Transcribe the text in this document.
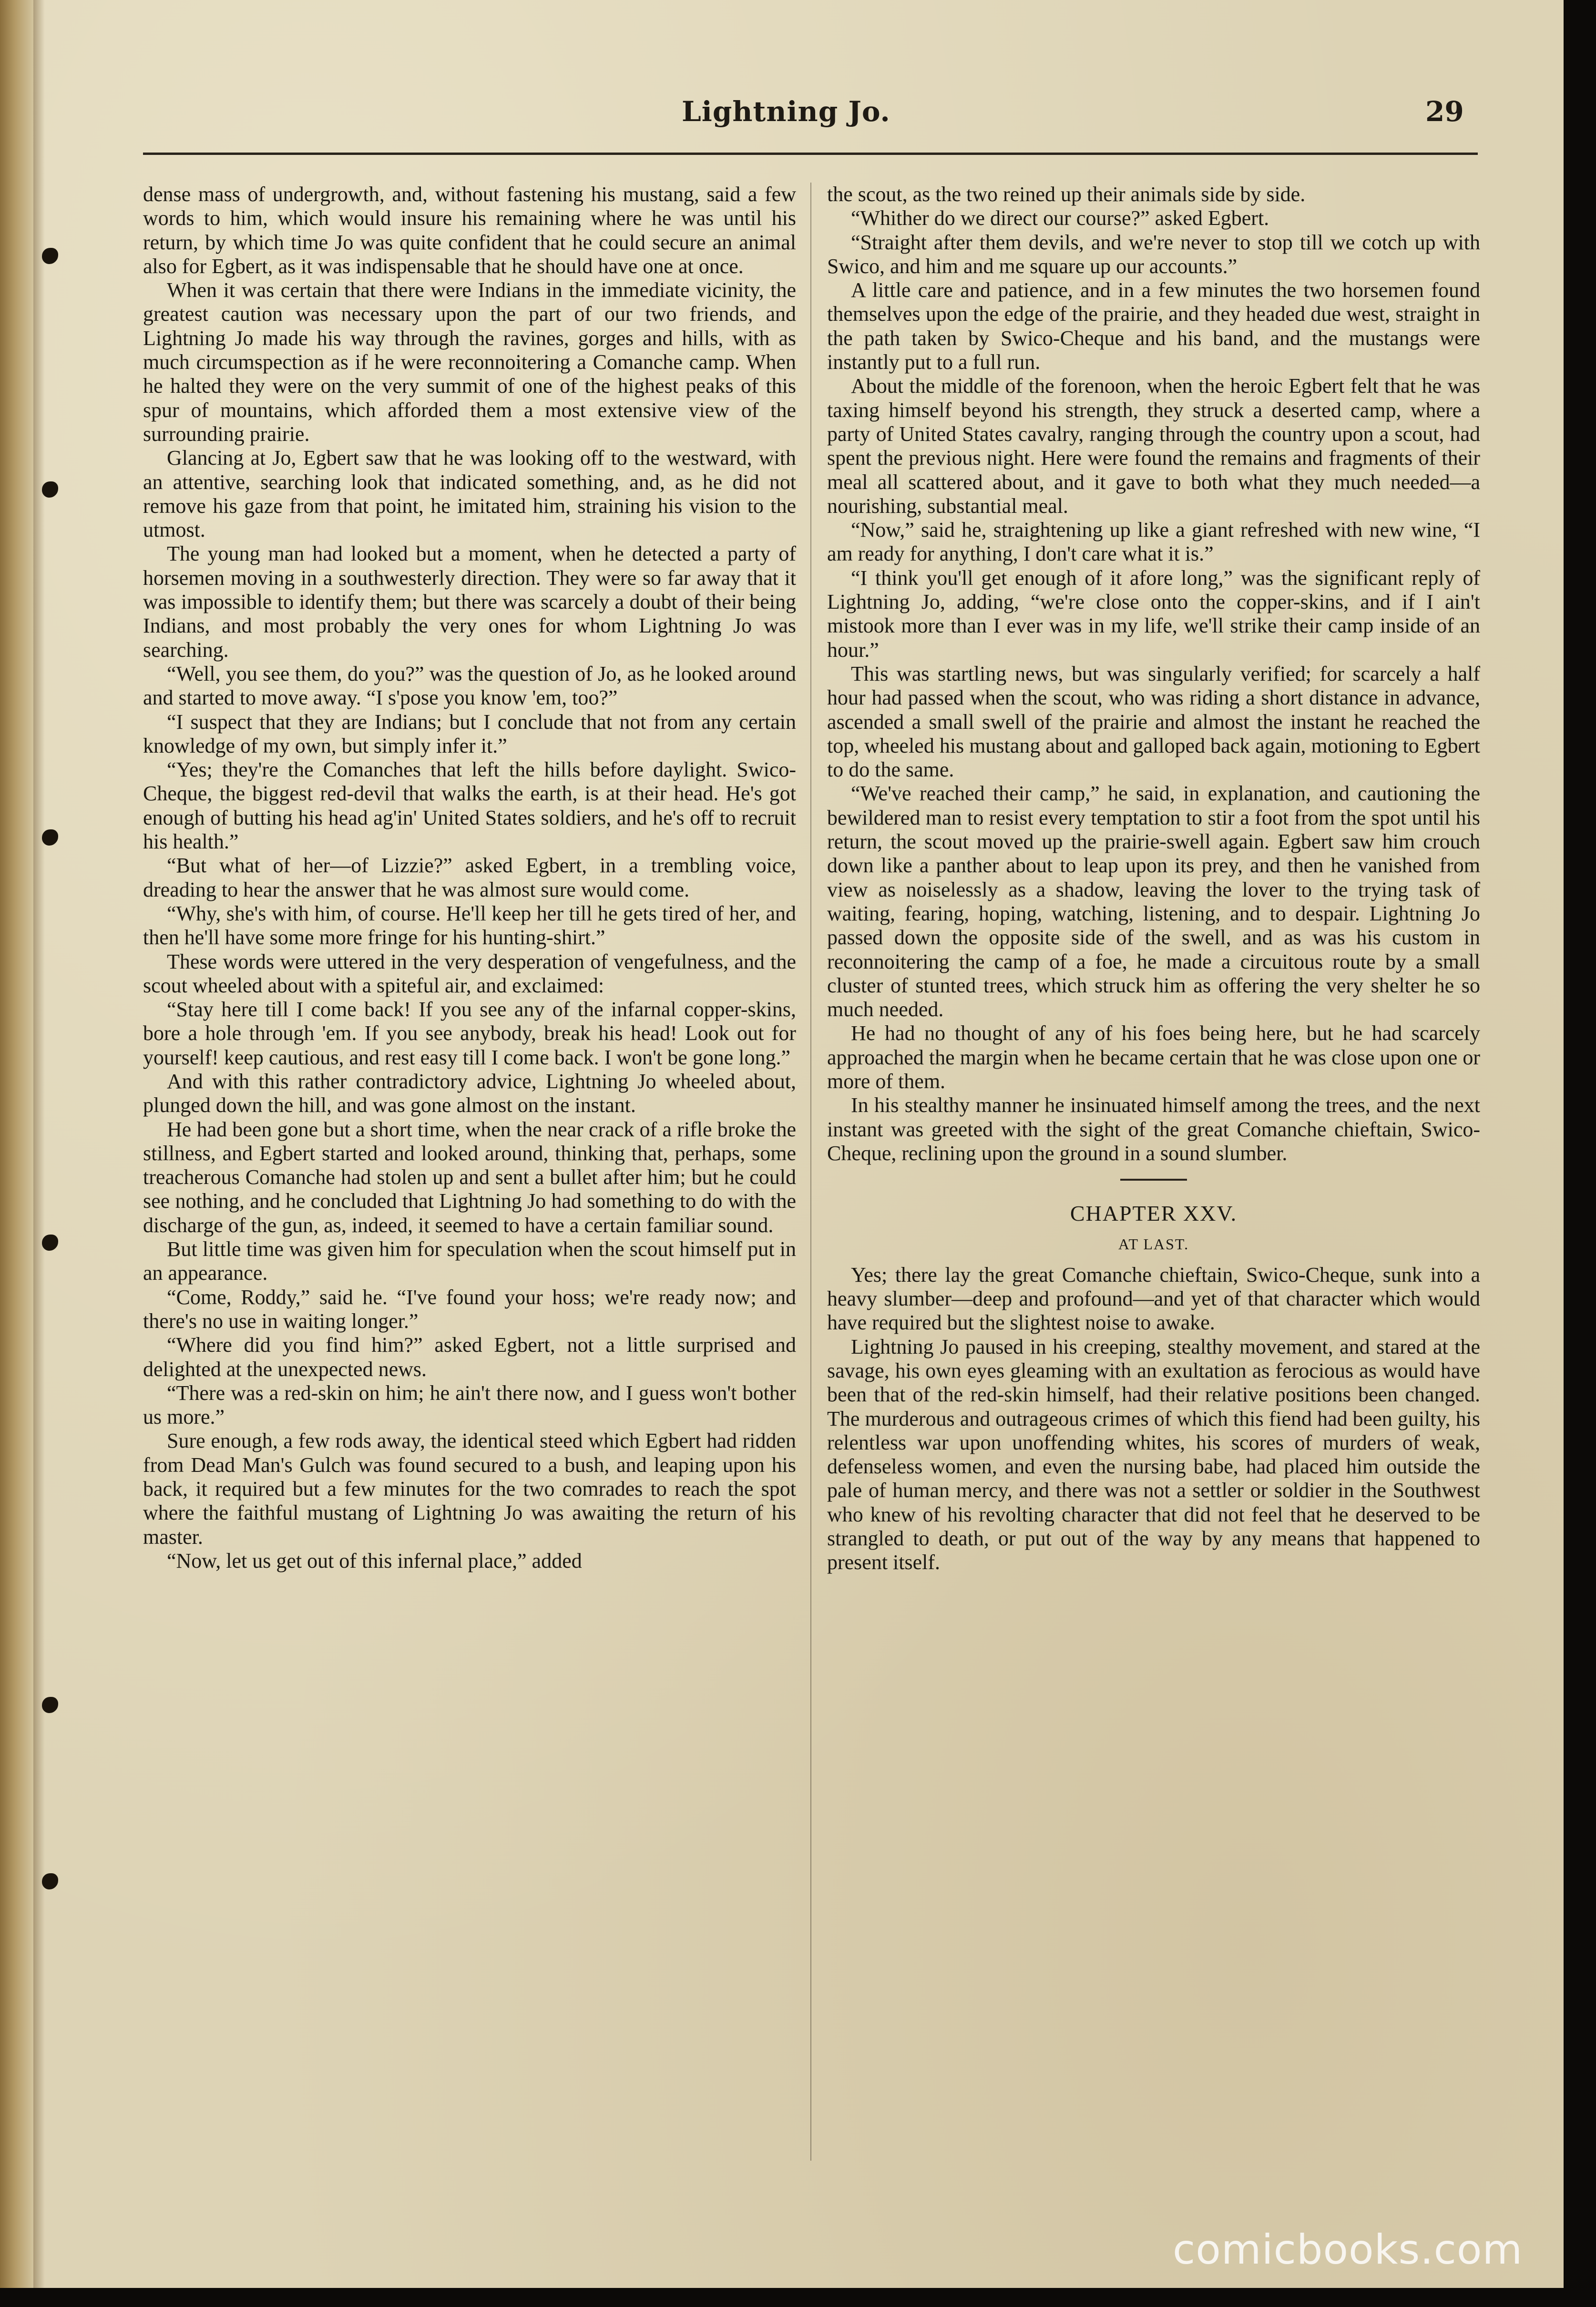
Lightning Jo.	29

dense mass of undergrowth, and, without fastening his mustang, said a few words to him, which would insure his remaining where he was until his return, by which time Jo was quite confident that he could secure an animal also for Egbert, as it was indispensable that he should have one at once.

When it was certain that there were Indians in the immediate vicinity, the greatest caution was necessary upon the part of our two friends, and Lightning Jo made his way through the ravines, gorges and hills, with as much circumspection as if he were reconnoitering a Comanche camp. When he halted they were on the very summit of one of the highest peaks of this spur of mountains, which afforded them a most extensive view of the surrounding prairie.

Glancing at Jo, Egbert saw that he was looking off to the westward, with an attentive, searching look that indicated something, and, as he did not remove his gaze from that point, he imitated him, straining his vision to the utmost.

The young man had looked but a moment, when he detected a party of horsemen moving in a southwesterly direction. They were so far away that it was impossible to identify them; but there was scarcely a doubt of their being Indians, and most probably the very ones for whom Lightning Jo was searching.

“Well, you see them, do you?” was the question of Jo, as he looked around and started to move away. “I s'pose you know 'em, too?”

“I suspect that they are Indians; but I conclude that not from any certain knowledge of my own, but simply infer it.”

“Yes; they're the Comanches that left the hills before daylight. Swico-Cheque, the biggest red-devil that walks the earth, is at their head. He's got enough of butting his head ag'in' United States soldiers, and he's off to recruit his health.”

“But what of her—of Lizzie?” asked Egbert, in a trembling voice, dreading to hear the answer that he was almost sure would come.

“Why, she's with him, of course. He'll keep her till he gets tired of her, and then he'll have some more fringe for his hunting-shirt.”

These words were uttered in the very desperation of vengefulness, and the scout wheeled about with a spiteful air, and exclaimed:

“Stay here till I come back! If you see any of the infarnal copper-skins, bore a hole through 'em. If you see anybody, break his head! Look out for yourself! keep cautious, and rest easy till I come back. I won't be gone long.”

And with this rather contradictory advice, Lightning Jo wheeled about, plunged down the hill, and was gone almost on the instant.

He had been gone but a short time, when the near crack of a rifle broke the stillness, and Egbert started and looked around, thinking that, perhaps, some treacherous Comanche had stolen up and sent a bullet after him; but he could see nothing, and he concluded that Lightning Jo had something to do with the discharge of the gun, as, indeed, it seemed to have a certain familiar sound.

But little time was given him for speculation when the scout himself put in an appearance.

“Come, Roddy,” said he. “I've found your hoss; we're ready now; and there's no use in waiting longer.”

“Where did you find him?” asked Egbert, not a little surprised and delighted at the unexpected news.

“There was a red-skin on him; he ain't there now, and I guess won't bother us more.”

Sure enough, a few rods away, the identical steed which Egbert had ridden from Dead Man's Gulch was found secured to a bush, and leaping upon his back, it required but a few minutes for the two comrades to reach the spot where the faithful mustang of Lightning Jo was awaiting the return of his master.

“Now, let us get out of this infernal place,” added

the scout, as the two reined up their animals side by side.

“Whither do we direct our course?” asked Egbert.

“Straight after them devils, and we're never to stop till we cotch up with Swico, and him and me square up our accounts.”

A little care and patience, and in a few minutes the two horsemen found themselves upon the edge of the prairie, and they headed due west, straight in the path taken by Swico-Cheque and his band, and the mustangs were instantly put to a full run.

About the middle of the forenoon, when the heroic Egbert felt that he was taxing himself beyond his strength, they struck a deserted camp, where a party of United States cavalry, ranging through the country upon a scout, had spent the previous night. Here were found the remains and fragments of their meal all scattered about, and it gave to both what they much needed—a nourishing, substantial meal.

“Now,” said he, straightening up like a giant refreshed with new wine, “I am ready for anything, I don't care what it is.”

“I think you'll get enough of it afore long,” was the significant reply of Lightning Jo, adding, “we're close onto the copper-skins, and if I ain't mistook more than I ever was in my life, we'll strike their camp inside of an hour.”

This was startling news, but was singularly verified; for scarcely a half hour had passed when the scout, who was riding a short distance in advance, ascended a small swell of the prairie and almost the instant he reached the top, wheeled his mustang about and galloped back again, motioning to Egbert to do the same.

“We've reached their camp,” he said, in explanation, and cautioning the bewildered man to resist every temptation to stir a foot from the spot until his return, the scout moved up the prairie-swell again. Egbert saw him crouch down like a panther about to leap upon its prey, and then he vanished from view as noiselessly as a shadow, leaving the lover to the trying task of waiting, fearing, hoping, watching, listening, and to despair. Lightning Jo passed down the opposite side of the swell, and as was his custom in reconnoitering the camp of a foe, he made a circuitous route by a small cluster of stunted trees, which struck him as offering the very shelter he so much needed.

He had no thought of any of his foes being here, but he had scarcely approached the margin when he became certain that he was close upon one or more of them.

In his stealthy manner he insinuated himself among the trees, and the next instant was greeted with the sight of the great Comanche chieftain, Swico-Cheque, reclining upon the ground in a sound slumber.

CHAPTER XXV.
AT LAST.

Yes; there lay the great Comanche chieftain, Swico-Cheque, sunk into a heavy slumber—deep and profound—and yet of that character which would have required but the slightest noise to awake.

Lightning Jo paused in his creeping, stealthy movement, and stared at the savage, his own eyes gleaming with an exultation as ferocious as would have been that of the red-skin himself, had their relative positions been changed. The murderous and outrageous crimes of which this fiend had been guilty, his relentless war upon unoffending whites, his scores of murders of weak, defenseless women, and even the nursing babe, had placed him outside the pale of human mercy, and there was not a settler or soldier in the Southwest who knew of his revolting character that did not feel that he deserved to be strangled to death, or put out of the way by any means that happened to present itself.

comicbooks.com
